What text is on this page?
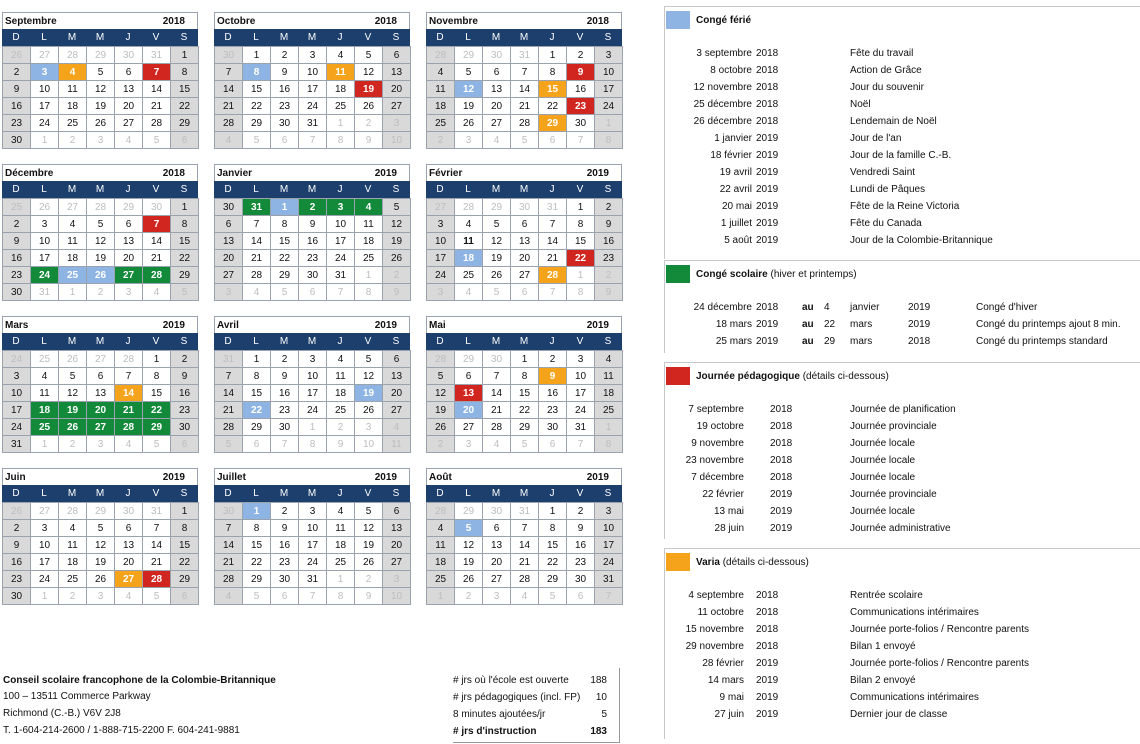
Septembre	2018
D	L	M	M	J	V	S
26	27	28	29	30	31	1
2	3	4	5	6	7	8
9	10	11	12	13	14	15
16	17	18	19	20	21	22
23	24	25	26	27	28	29
30	1	2	3	4	5	6
Octobre	2018
D	L	M	M	J	V	S
30	1	2	3	4	5	6
7	8	9	10	11	12	13
14	15	16	17	18	19	20
21	22	23	24	25	26	27
28	29	30	31	1	2	3
4	5	6	7	8	9	10
Novembre	2018
D	L	M	M	J	V	S
28	29	30	31	1	2	3
4	5	6	7	8	9	10
11	12	13	14	15	16	17
18	19	20	21	22	23	24
25	26	27	28	29	30	1
2	3	4	5	6	7	8
Décembre	2018
D	L	M	M	J	V	S
25	26	27	28	29	30	1
2	3	4	5	6	7	8
9	10	11	12	13	14	15
16	17	18	19	20	21	22
23	24	25	26	27	28	29
30	31	1	2	3	4	5
Janvier	2019
D	L	M	M	J	V	S
30	31	1	2	3	4	5
6	7	8	9	10	11	12
13	14	15	16	17	18	19
20	21	22	23	24	25	26
27	28	29	30	31	1	2
3	4	5	6	7	8	9
Février	2019
D	L	M	M	J	V	S
27	28	29	30	31	1	2
3	4	5	6	7	8	9
10	11	12	13	14	15	16
17	18	19	20	21	22	23
24	25	26	27	28	1	2
3	4	5	6	7	8	9
Mars	2019
D	L	M	M	J	V	S
24	25	26	27	28	1	2
3	4	5	6	7	8	9
10	11	12	13	14	15	16
17	18	19	20	21	22	23
24	25	26	27	28	29	30
31	1	2	3	4	5	6
Avril	2019
D	L	M	M	J	V	S
31	1	2	3	4	5	6
7	8	9	10	11	12	13
14	15	16	17	18	19	20
21	22	23	24	25	26	27
28	29	30	1	2	3	4
5	6	7	8	9	10	11
Mai	2019
D	L	M	M	J	V	S
28	29	30	1	2	3	4
5	6	7	8	9	10	11
12	13	14	15	16	17	18
19	20	21	22	23	24	25
26	27	28	29	30	31	1
2	3	4	5	6	7	8
Juin	2019
D	L	M	M	J	V	S
26	27	28	29	30	31	1
2	3	4	5	6	7	8
9	10	11	12	13	14	15
16	17	18	19	20	21	22
23	24	25	26	27	28	29
30	1	2	3	4	5	6
Juillet	2019
D	L	M	M	J	V	S
30	1	2	3	4	5	6
7	8	9	10	11	12	13
14	15	16	17	18	19	20
21	22	23	24	25	26	27
28	29	30	31	1	2	3
4	5	6	7	8	9	10
Août	2019
D	L	M	M	J	V	S
28	29	30	31	1	2	3
4	5	6	7	8	9	10
11	12	13	14	15	16	17
18	19	20	21	22	23	24
25	26	27	28	29	30	31
1	2	3	4	5	6	7
Congé férié
3 septembre 2018	Fête du travail
8 octobre 2018	Action de Grâce
12 novembre 2018	Jour du souvenir
25 décembre 2018	Noël
26 décembre 2018	Lendemain de Noël
1 janvier 2019	Jour de l'an
18 février 2019	Jour de la famille C.-B.
19 avril 2019	Vendredi Saint
22 avril 2019	Lundi de Pâques
20 mai 2019	Fête de la Reine Victoria
1 juillet 2019	Fête du Canada
5 août 2019	Jour de la Colombie-Britannique
Congé scolaire
(hiver et printemps)
24 décembre 2018 au 4 janvier	2019	Congé d'hiver
18 mars 2019 au 22 mars	2019	Congé du printemps ajout 8 min.
25 mars 2019 au 29 mars	2018	Congé du printemps standard
Journée pédagogique
(détails ci-dessous)
7 septembre	2018	Journée de planification
19 octobre	2018	Journée provinciale
9 novembre	2018	Journée locale
23 novembre	2018	Journée locale
7 décembre	2018	Journée locale
22 février	2019	Journée provinciale
13 mai	2019	Journée locale
28 juin	2019	Journée administrative
Varia
(détails ci-dessous)
4 septembre 2018	Rentrée scolaire
11 octobre 2018	Communications intérimaires
15 novembre 2018	Journée porte-folios / Rencontre parents
29 novembre 2018	Bilan 1 envoyé
28 février 2019	Journée porte-folios / Rencontre parents
14 mars 2019	Bilan 2 envoyé
9 mai 2019	Communications intérimaires
27 juin 2019	Dernier jour de classe
Conseil scolaire francophone de la Colombie-Britannique
100 – 13511 Commerce Parkway
Richmond (C.-B.) V6V 2J8
T. 1-604-214-2600 / 1-888-715-2200 F. 604-241-9881
# jrs où l'école est ouverte 188
# jrs pédagogiques (incl. FP) 10
8 minutes ajoutées/jr	5
# jrs d'instruction	183
